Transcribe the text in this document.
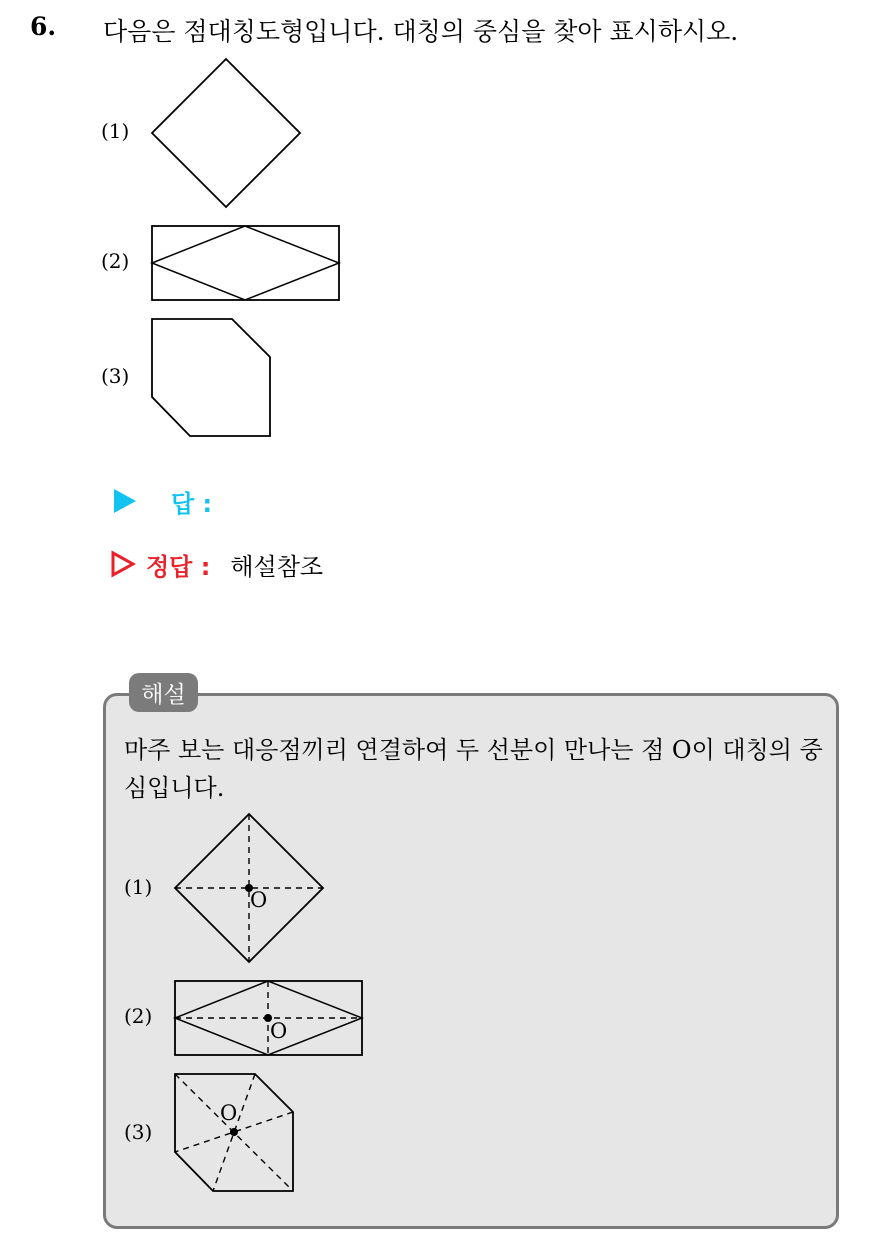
6. 다음은 점대칭도형입니다. 대칭의 중심을 찾아 표시하시오.
(1)
(2)
(3)
답 :
정답 : 해설참조
해설
마주 보는 대응점끼리 연결하여 두 선분이 만나는 점 O이 대칭의 중심입니다.
(1)
O
(2)
O
(3)
O
